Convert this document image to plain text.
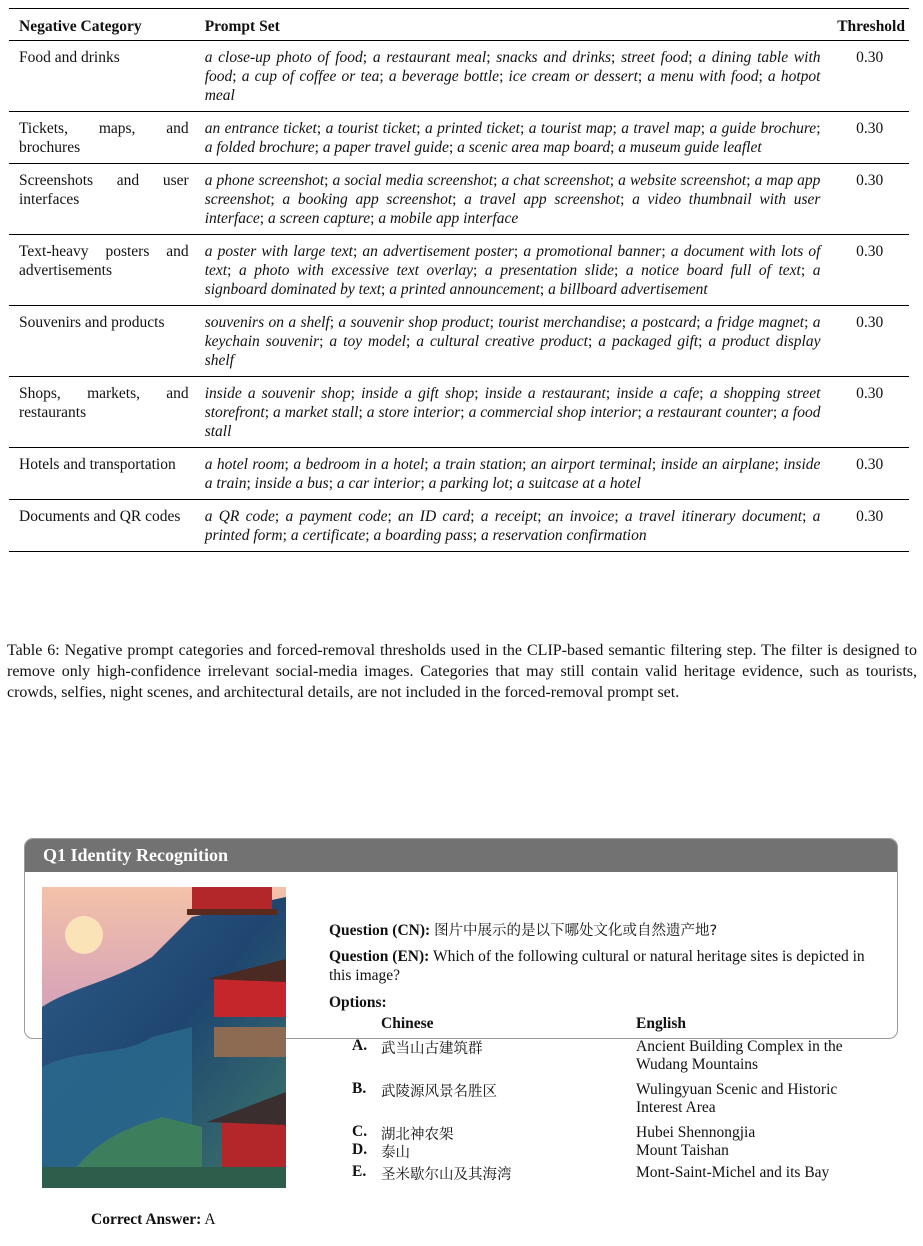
Negative Category	Prompt Set	Threshold
Food and drinks	a close-up photo of food; a restaurant meal; snacks and drinks; street food; a dining table with food; a cup of coffee or tea; a beverage bottle; ice cream or dessert; a menu with food; a hotpot meal	0.30
Tickets, maps, and brochures	an entrance ticket; a tourist ticket; a printed ticket; a tourist map; a travel map; a guide brochure; a folded brochure; a paper travel guide; a scenic area map board; a museum guide leaflet	0.30
Screenshots and user interfaces	a phone screenshot; a social media screenshot; a chat screenshot; a website screenshot; a map app screenshot; a booking app screenshot; a travel app screenshot; a video thumbnail with user interface; a screen capture; a mobile app interface	0.30
Text-heavy posters and advertisements	a poster with large text; an advertisement poster; a promotional banner; a document with lots of text; a photo with excessive text overlay; a presentation slide; a notice board full of text; a signboard dominated by text; a printed announcement; a billboard advertisement	0.30
Souvenirs and products	souvenirs on a shelf; a souvenir shop product; tourist merchandise; a postcard; a fridge magnet; a keychain souvenir; a toy model; a cultural creative product; a packaged gift; a product display shelf	0.30
Shops, markets, and restaurants	inside a souvenir shop; inside a gift shop; inside a restaurant; inside a cafe; a shopping street storefront; a market stall; a store interior; a commercial shop interior; a restaurant counter; a food stall	0.30
Hotels and transportation	a hotel room; a bedroom in a hotel; a train station; an airport terminal; inside an airplane; inside a train; inside a bus; a car interior; a parking lot; a suitcase at a hotel	0.30
Documents and QR codes	a QR code; a payment code; an ID card; a receipt; an invoice; a travel itinerary document; a printed form; a certificate; a boarding pass; a reservation confirmation	0.30

Table 6: Negative prompt categories and forced-removal thresholds used in the CLIP-based semantic filtering step. The filter is designed to remove only high-confidence irrelevant social-media images. Categories that may still contain valid heritage evidence, such as tourists, crowds, selfies, night scenes, and architectural details, are not included in the forced-removal prompt set.

Q1 Identity Recognition
Question (CN): 图片中展示的是以下哪处文化或自然遗产地?
Question (EN): Which of the following cultural or natural heritage sites is depicted in this image?
Options:
Chinese	English
A. 武当山古建筑群	Ancient Building Complex in the Wudang Mountains
B. 武陵源风景名胜区	Wulingyuan Scenic and Historic Interest Area
C. 湖北神农架	Hubei Shennongjia
D. 泰山	Mount Taishan
E. 圣米歇尔山及其海湾	Mont-Saint-Michel and its Bay
Correct Answer: A
